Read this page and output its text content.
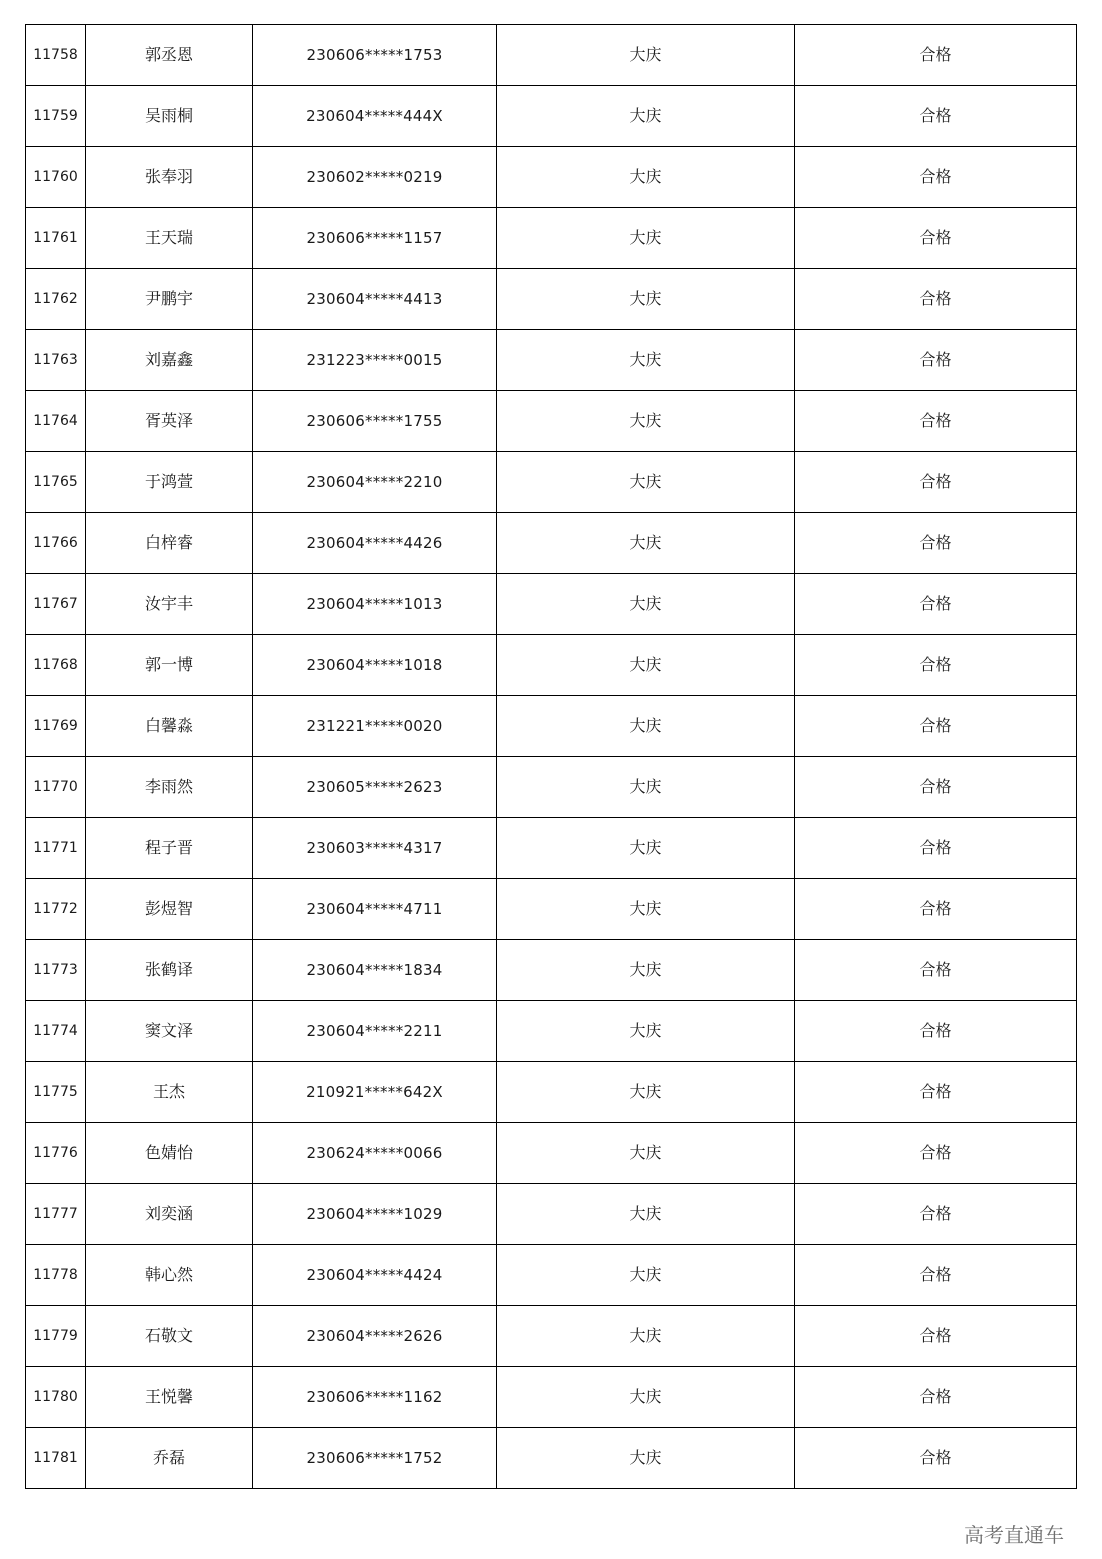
11758	郭丞恩	230606*****1753	大庆	合格
11759	吴雨桐	230604*****444X	大庆	合格
11760	张奉羽	230602*****0219	大庆	合格
11761	王天瑞	230606*****1157	大庆	合格
11762	尹鹏宇	230604*****4413	大庆	合格
11763	刘嘉鑫	231223*****0015	大庆	合格
11764	胥英泽	230606*****1755	大庆	合格
11765	于鸿萱	230604*****2210	大庆	合格
11766	白梓睿	230604*****4426	大庆	合格
11767	汝宇丰	230604*****1013	大庆	合格
11768	郭一博	230604*****1018	大庆	合格
11769	白馨淼	231221*****0020	大庆	合格
11770	李雨然	230605*****2623	大庆	合格
11771	程子晋	230603*****4317	大庆	合格
11772	彭煜智	230604*****4711	大庆	合格
11773	张鹤译	230604*****1834	大庆	合格
11774	窦文泽	230604*****2211	大庆	合格
11775	王杰	210921*****642X	大庆	合格
11776	色婧怡	230624*****0066	大庆	合格
11777	刘奕涵	230604*****1029	大庆	合格
11778	韩心然	230604*****4424	大庆	合格
11779	石敬文	230604*****2626	大庆	合格
11780	王悦馨	230606*****1162	大庆	合格
11781	乔磊	230606*****1752	大庆	合格
高考直通车
